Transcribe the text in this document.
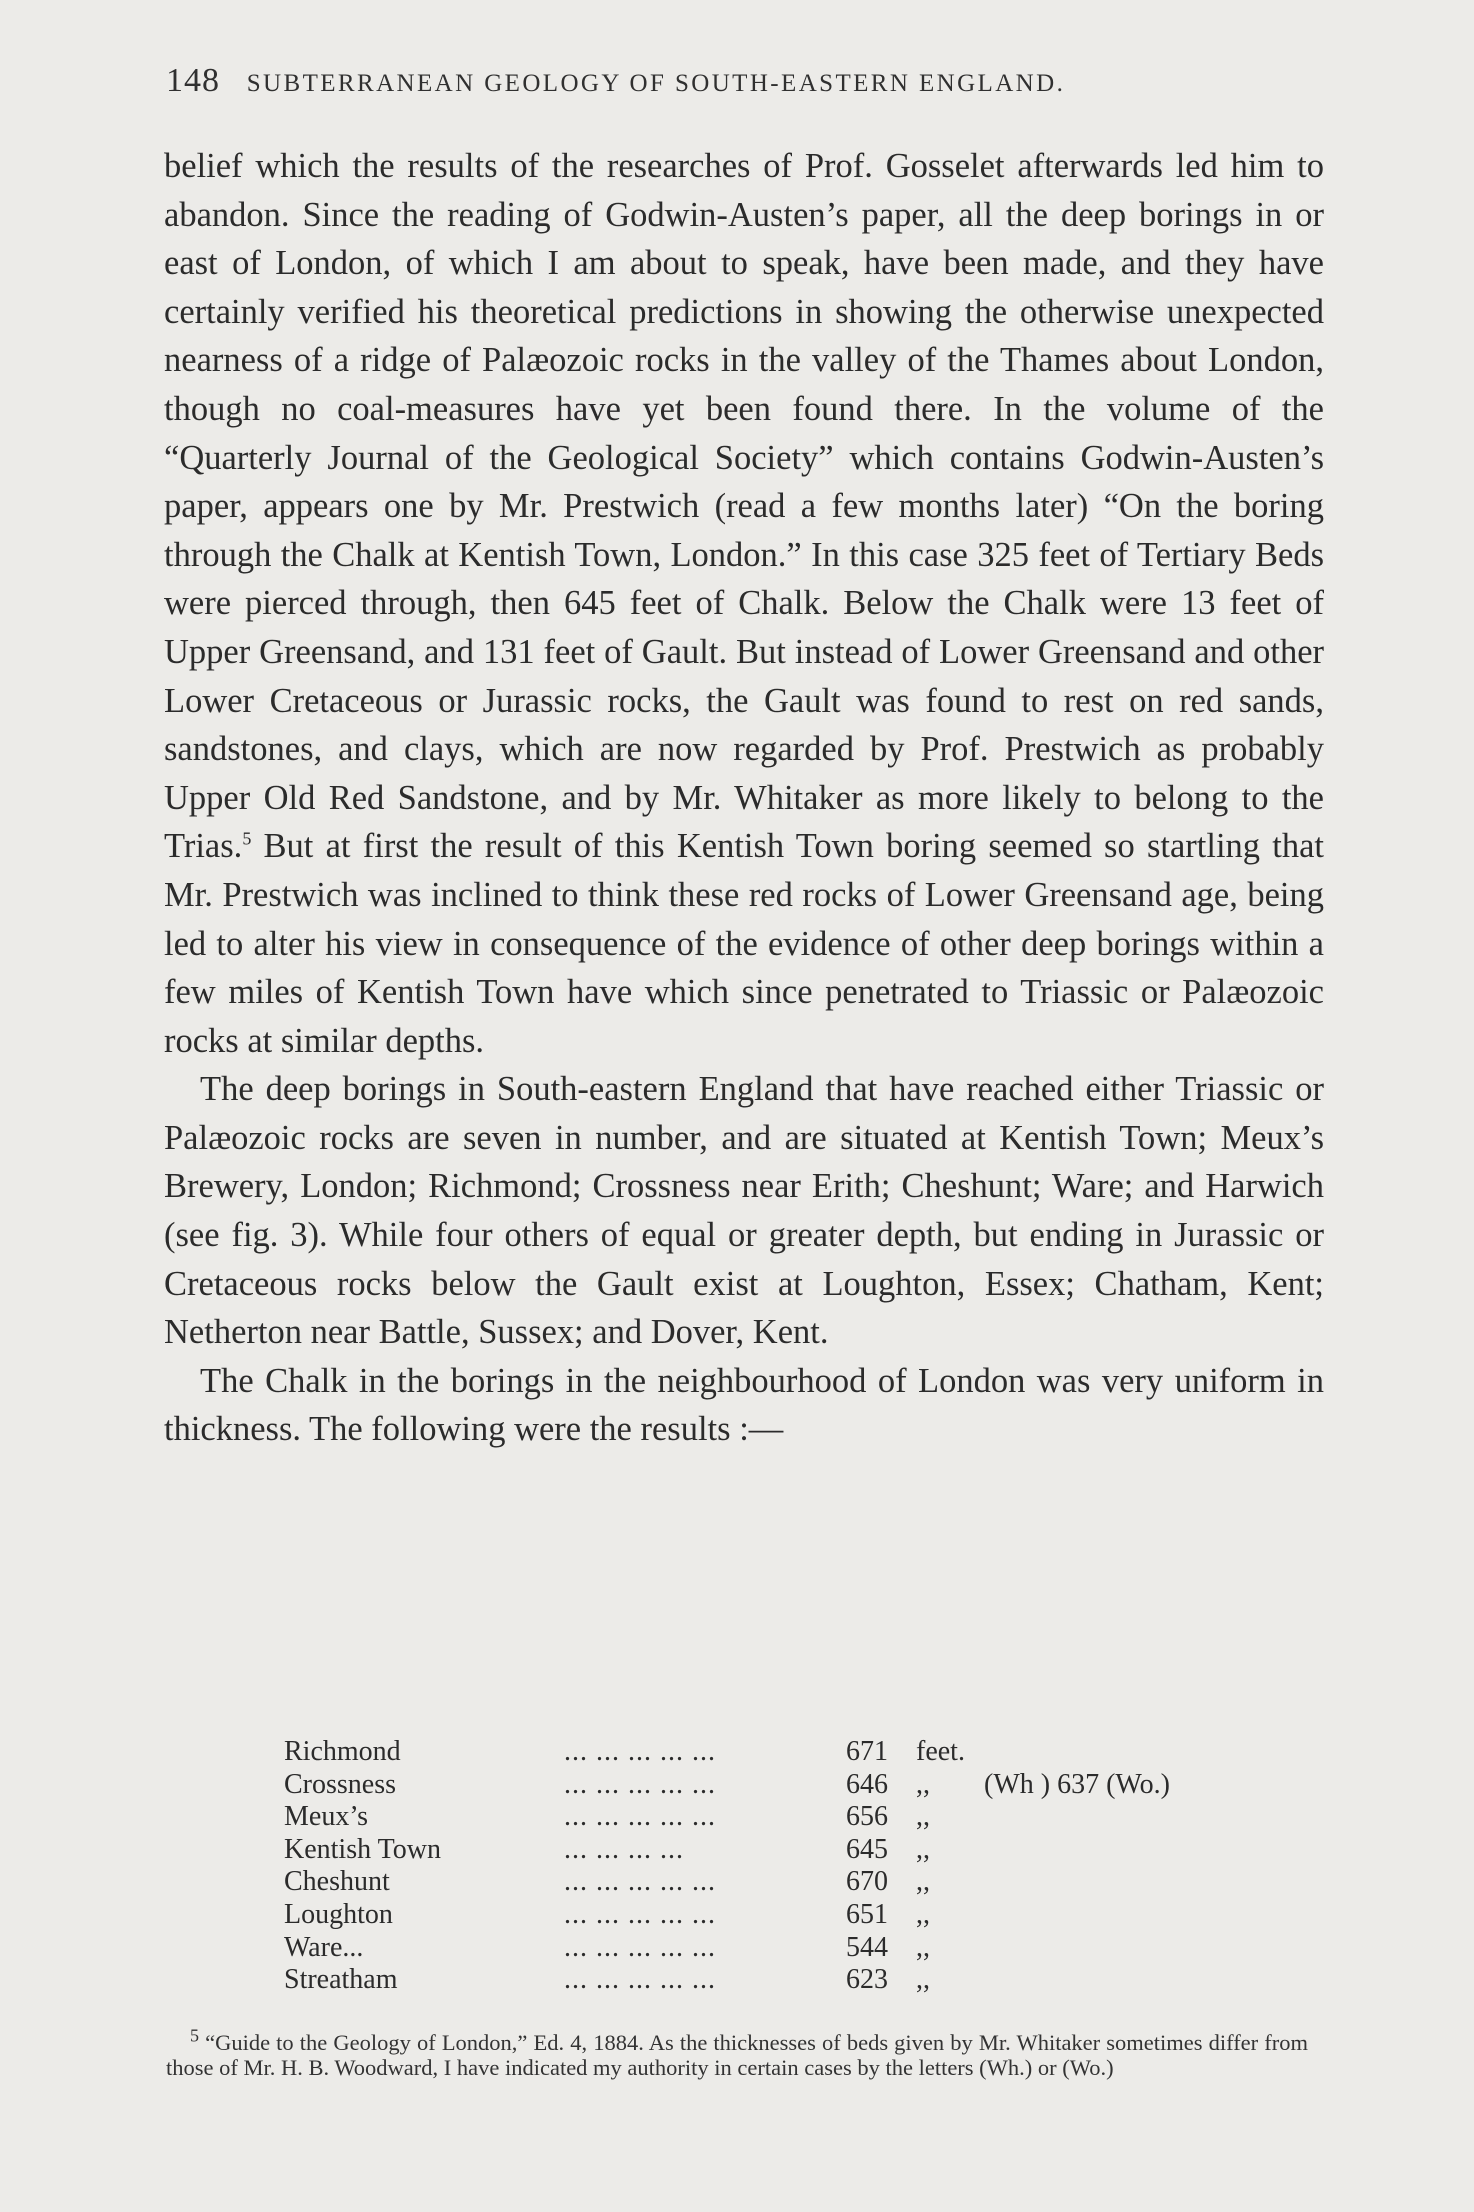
148 SUBTERRANEAN GEOLOGY OF SOUTH-EASTERN ENGLAND.

belief which the results of the researches of Prof. Gosselet afterwards led him to abandon. Since the reading of Godwin-Austen’s paper, all the deep borings in or east of London, of which I am about to speak, have been made, and they have certainly verified his theoretical predictions in showing the otherwise unexpected nearness of a ridge of Palæozoic rocks in the valley of the Thames about London, though no coal-measures have yet been found there. In the volume of the “Quarterly Journal of the Geological Society” which contains Godwin-Austen’s paper, appears one by Mr. Prestwich (read a few months later) “On the boring through the Chalk at Kentish Town, London.” In this case 325 feet of Tertiary Beds were pierced through, then 645 feet of Chalk. Below the Chalk were 13 feet of Upper Greensand, and 131 feet of Gault. But instead of Lower Greensand and other Lower Cretaceous or Jurassic rocks, the Gault was found to rest on red sands, sandstones, and clays, which are now regarded by Prof. Prestwich as probably Upper Old Red Sandstone, and by Mr. Whitaker as more likely to belong to the Trias.$^5$ But at first the result of this Kentish Town boring seemed so startling that Mr. Prestwich was inclined to think these red rocks of Lower Greensand age, being led to alter his view in consequence of the evidence of other deep borings within a few miles of Kentish Town have which since penetrated to Triassic or Palæozoic rocks at similar depths.

The deep borings in South-eastern England that have reached either Triassic or Palæozoic rocks are seven in number, and are situated at Kentish Town; Meux’s Brewery, London; Richmond; Crossness near Erith; Cheshunt; Ware; and Harwich (see fig. 3). While four others of equal or greater depth, but ending in Jurassic or Cretaceous rocks below the Gault exist at Loughton, Essex; Chatham, Kent; Netherton near Battle, Sussex; and Dover, Kent.

The Chalk in the borings in the neighbourhood of London was very uniform in thickness. The following were the results :—

Richmond	... ... ... ... ...	671	feet.	
Crossness	... ... ... ... ...	646	,,	(Wh ) 637 (Wo.)
Meux’s	... ... ... ... ...	656	,,	
Kentish Town	... ... ... ...	645	,,	
Cheshunt	... ... ... ... ...	670	,,	
Loughton	... ... ... ... ...	651	,,	
Ware...	... ... ... ... ...	544	,,	
Streatham	... ... ... ... ...	623	,,	
$^5$ “Guide to the Geology of London,” Ed. 4, 1884. As the thicknesses of beds given by Mr. Whitaker sometimes differ from those of Mr. H. B. Woodward, I have indicated my authority in certain cases by the letters (Wh.) or (Wo.)
